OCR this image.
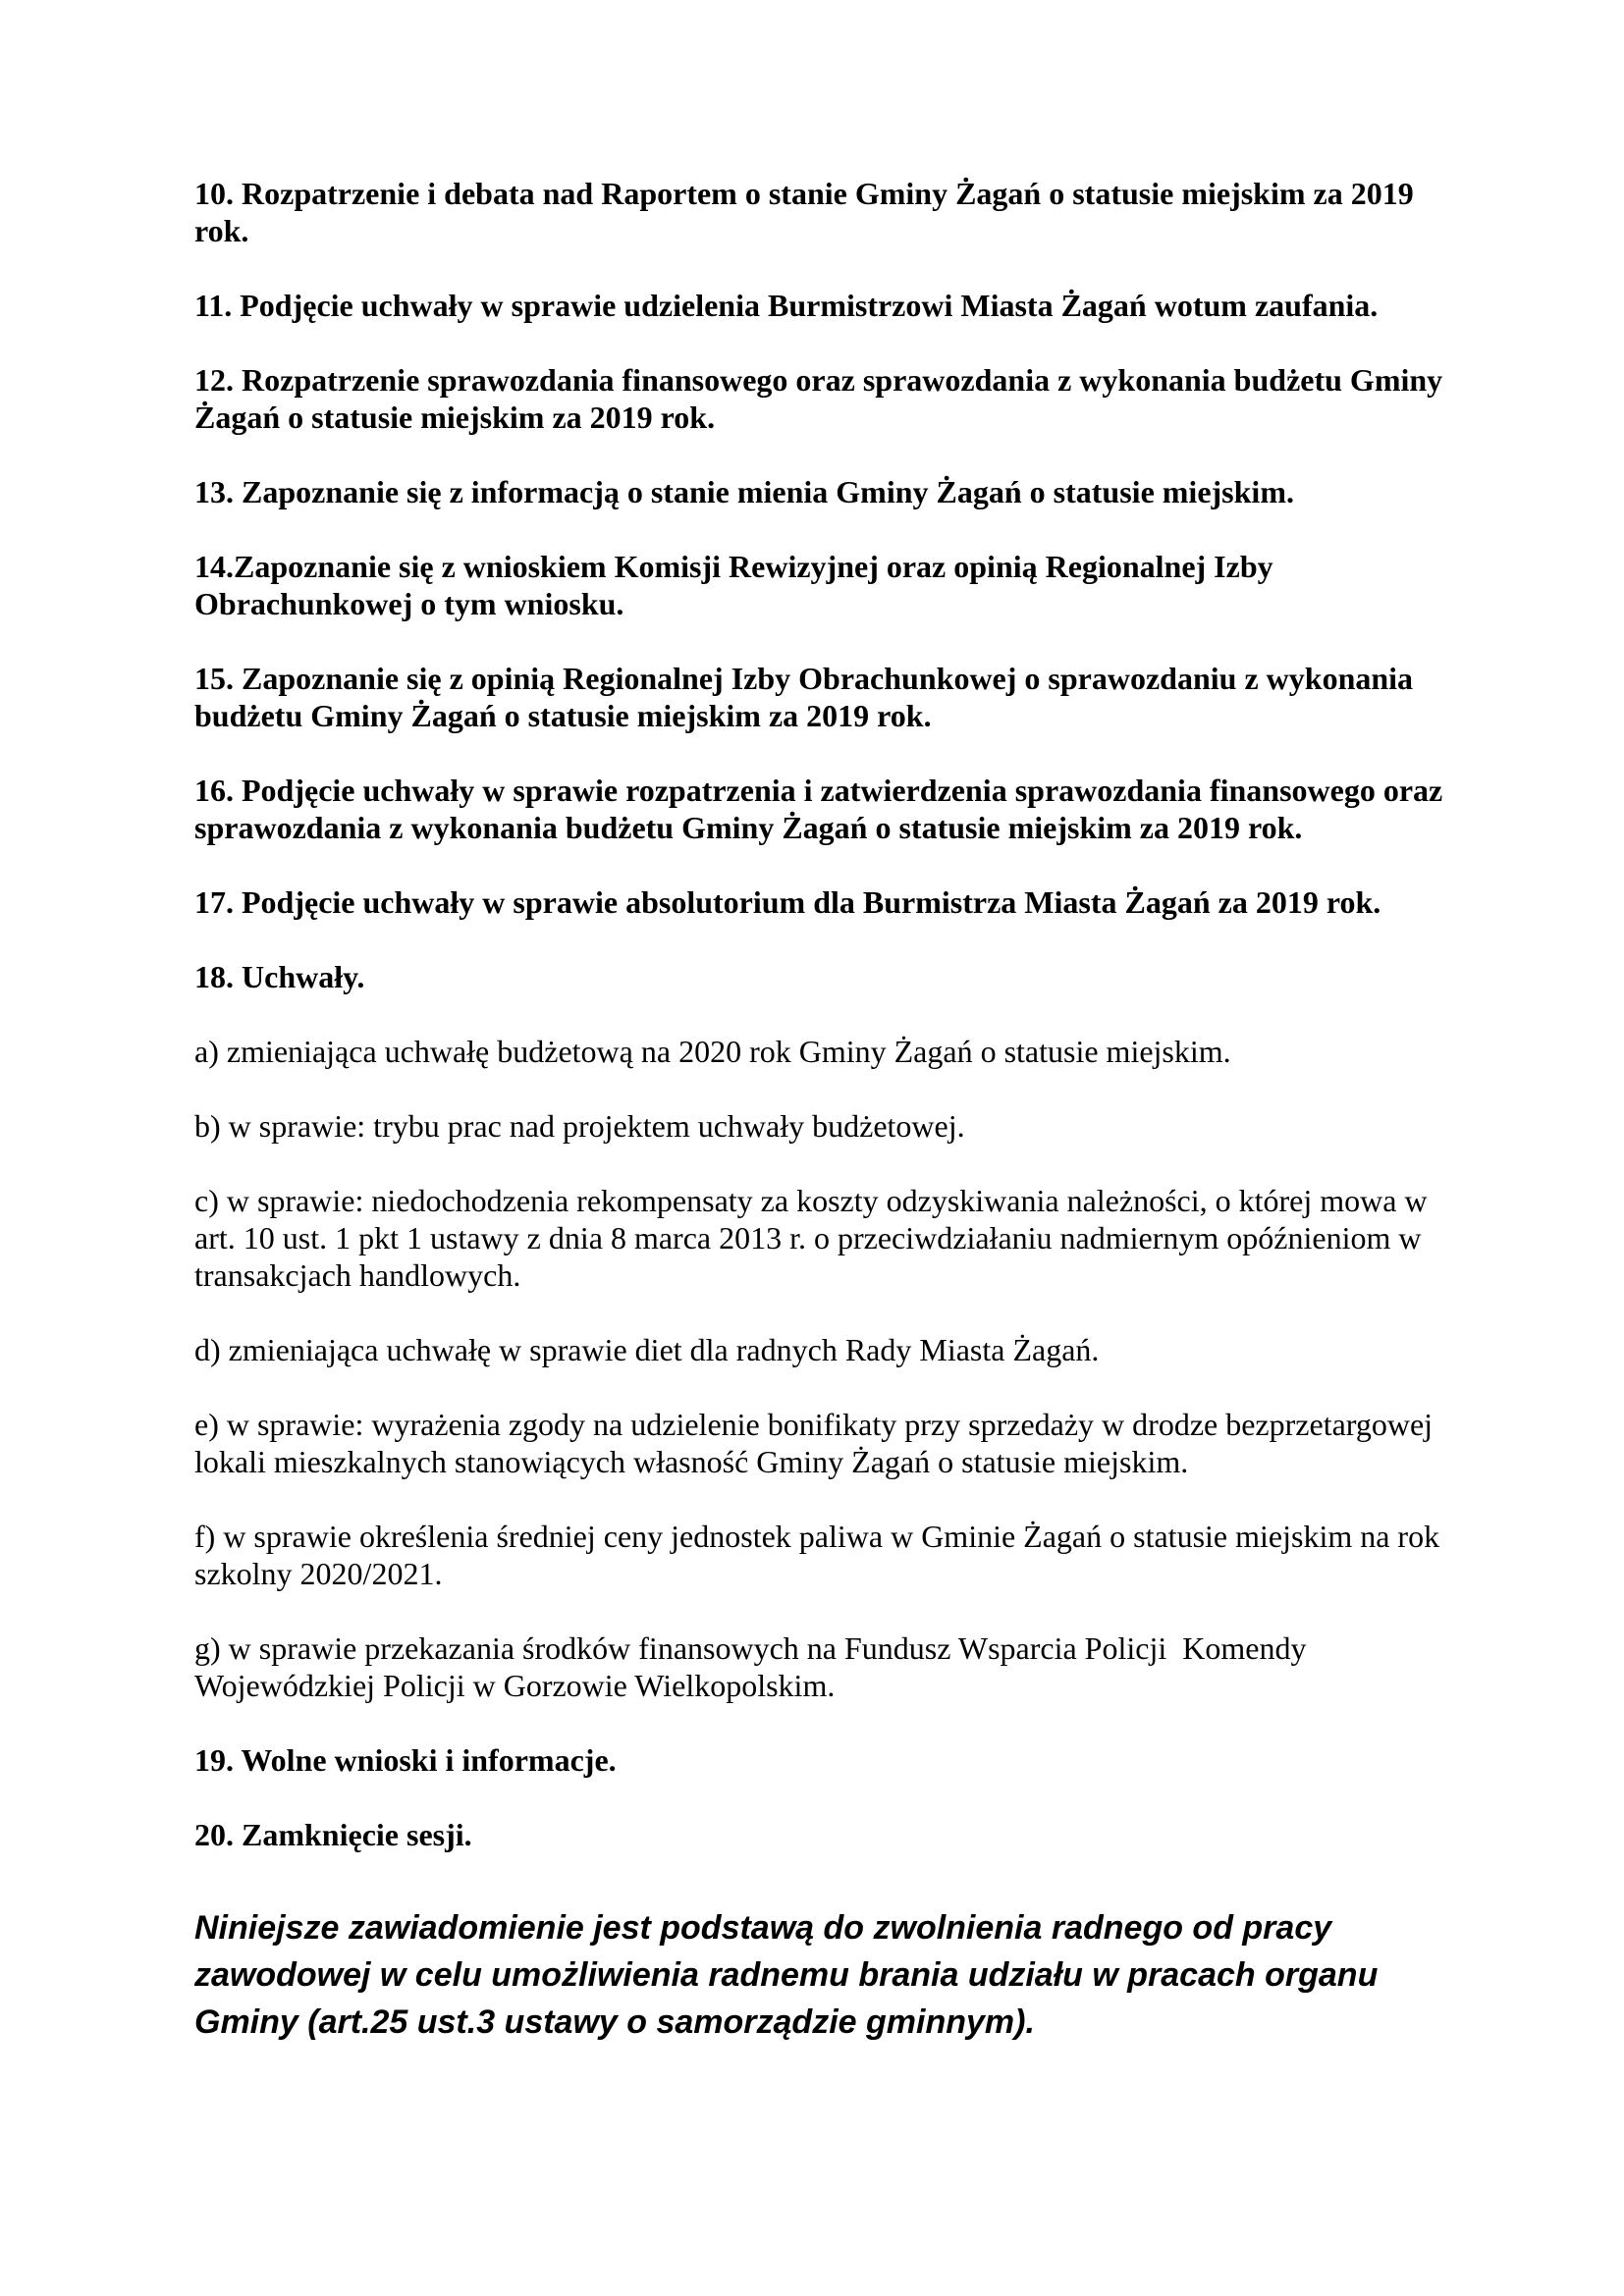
10. Rozpatrzenie i debata nad Raportem o stanie Gminy Żagań o statusie miejskim za 2019 rok.

11. Podjęcie uchwały w sprawie udzielenia Burmistrzowi Miasta Żagań wotum zaufania.

12. Rozpatrzenie sprawozdania finansowego oraz sprawozdania z wykonania budżetu Gminy Żagań o statusie miejskim za 2019 rok.

13. Zapoznanie się z informacją o stanie mienia Gminy Żagań o statusie miejskim.

14.Zapoznanie się z wnioskiem Komisji Rewizyjnej oraz opinią Regionalnej Izby Obrachunkowej o tym wniosku.

15. Zapoznanie się z opinią Regionalnej Izby Obrachunkowej o sprawozdaniu z wykonania budżetu Gminy Żagań o statusie miejskim za 2019 rok.

16. Podjęcie uchwały w sprawie rozpatrzenia i zatwierdzenia sprawozdania finansowego oraz sprawozdania z wykonania budżetu Gminy Żagań o statusie miejskim za 2019 rok.

17. Podjęcie uchwały w sprawie absolutorium dla Burmistrza Miasta Żagań za 2019 rok.

18. Uchwały.

a) zmieniająca uchwałę budżetową na 2020 rok Gminy Żagań o statusie miejskim.

b) w sprawie: trybu prac nad projektem uchwały budżetowej.

c) w sprawie: niedochodzenia rekompensaty za koszty odzyskiwania należności, o której mowa w art. 10 ust. 1 pkt 1 ustawy z dnia 8 marca 2013 r. o przeciwdziałaniu nadmiernym opóźnieniom w transakcjach handlowych.

d) zmieniająca uchwałę w sprawie diet dla radnych Rady Miasta Żagań.

e) w sprawie: wyrażenia zgody na udzielenie bonifikaty przy sprzedaży w drodze bezprzetargowej lokali mieszkalnych stanowiących własność Gminy Żagań o statusie miejskim.

f) w sprawie określenia średniej ceny jednostek paliwa w Gminie Żagań o statusie miejskim na rok szkolny 2020/2021.

g) w sprawie przekazania środków finansowych na Fundusz Wsparcia Policji  Komendy Wojewódzkiej Policji w Gorzowie Wielkopolskim.

19. Wolne wnioski i informacje.

20. Zamknięcie sesji.

Niniejsze zawiadomienie jest podstawą do zwolnienia radnego od pracy zawodowej w celu umożliwienia radnemu brania udziału w pracach organu Gminy (art.25 ust.3 ustawy o samorządzie gminnym).
